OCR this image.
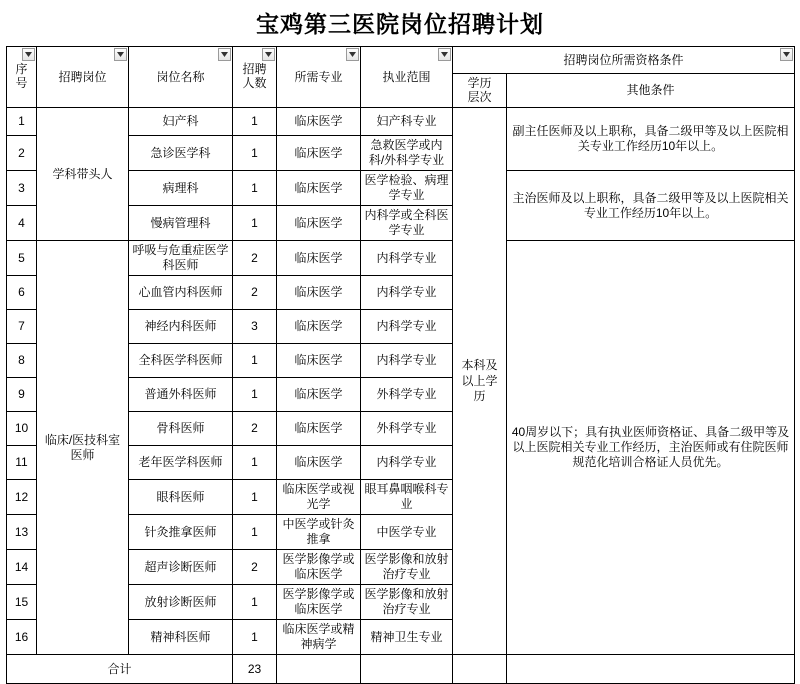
宝鸡第三医院岗位招聘计划
序号	招聘岗位	岗位名称	招聘人数	所需专业	执业范围	招聘岗位所需资格条件	

						学历层次	其他条件
1	学科带头人	妇产科	1	临床医学	妇产科专业	本科及以上学历	副主任医师及以上职称，具备二级甲等及以上医院相关专业工作经历10年以上。
2		急诊医学科	1	临床医学	急救医学或内科/外科学专业		
3		病理科	1	临床医学	医学检验、病理学专业		主治医师及以上职称，具备二级甲等及以上医院相关专业工作经历10年以上。
4		慢病管理科	1	临床医学	内科学或全科医学专业		
5	临床/医技科室医师	呼吸与危重症医学科医师	2	临床医学	内科学专业		40周岁以下；具有执业医师资格证、具备二级甲等及以上医院相关专业工作经历，主治医师或有住院医师规范化培训合格证人员优先。
6		心血管内科医师	2	临床医学	内科学专业		
7		神经内科医师	3	临床医学	内科学专业		
8		全科医学科医师	1	临床医学	内科学专业		
9		普通外科医师	1	临床医学	外科学专业		
10		骨科医师	2	临床医学	外科学专业		
11		老年医学科医师	1	临床医学	内科学专业		
12		眼科医师	1	临床医学或视光学	眼耳鼻咽喉科专业		
13		针灸推拿医师	1	中医学或针灸推拿	中医学专业		
14		超声诊断医师	2	医学影像学或临床医学	医学影像和放射治疗专业		
15		放射诊断医师	1	医学影像学或临床医学	医学影像和放射治疗专业		
16		精神科医师	1	临床医学或精神病学	精神卫生专业		
合计			23				
